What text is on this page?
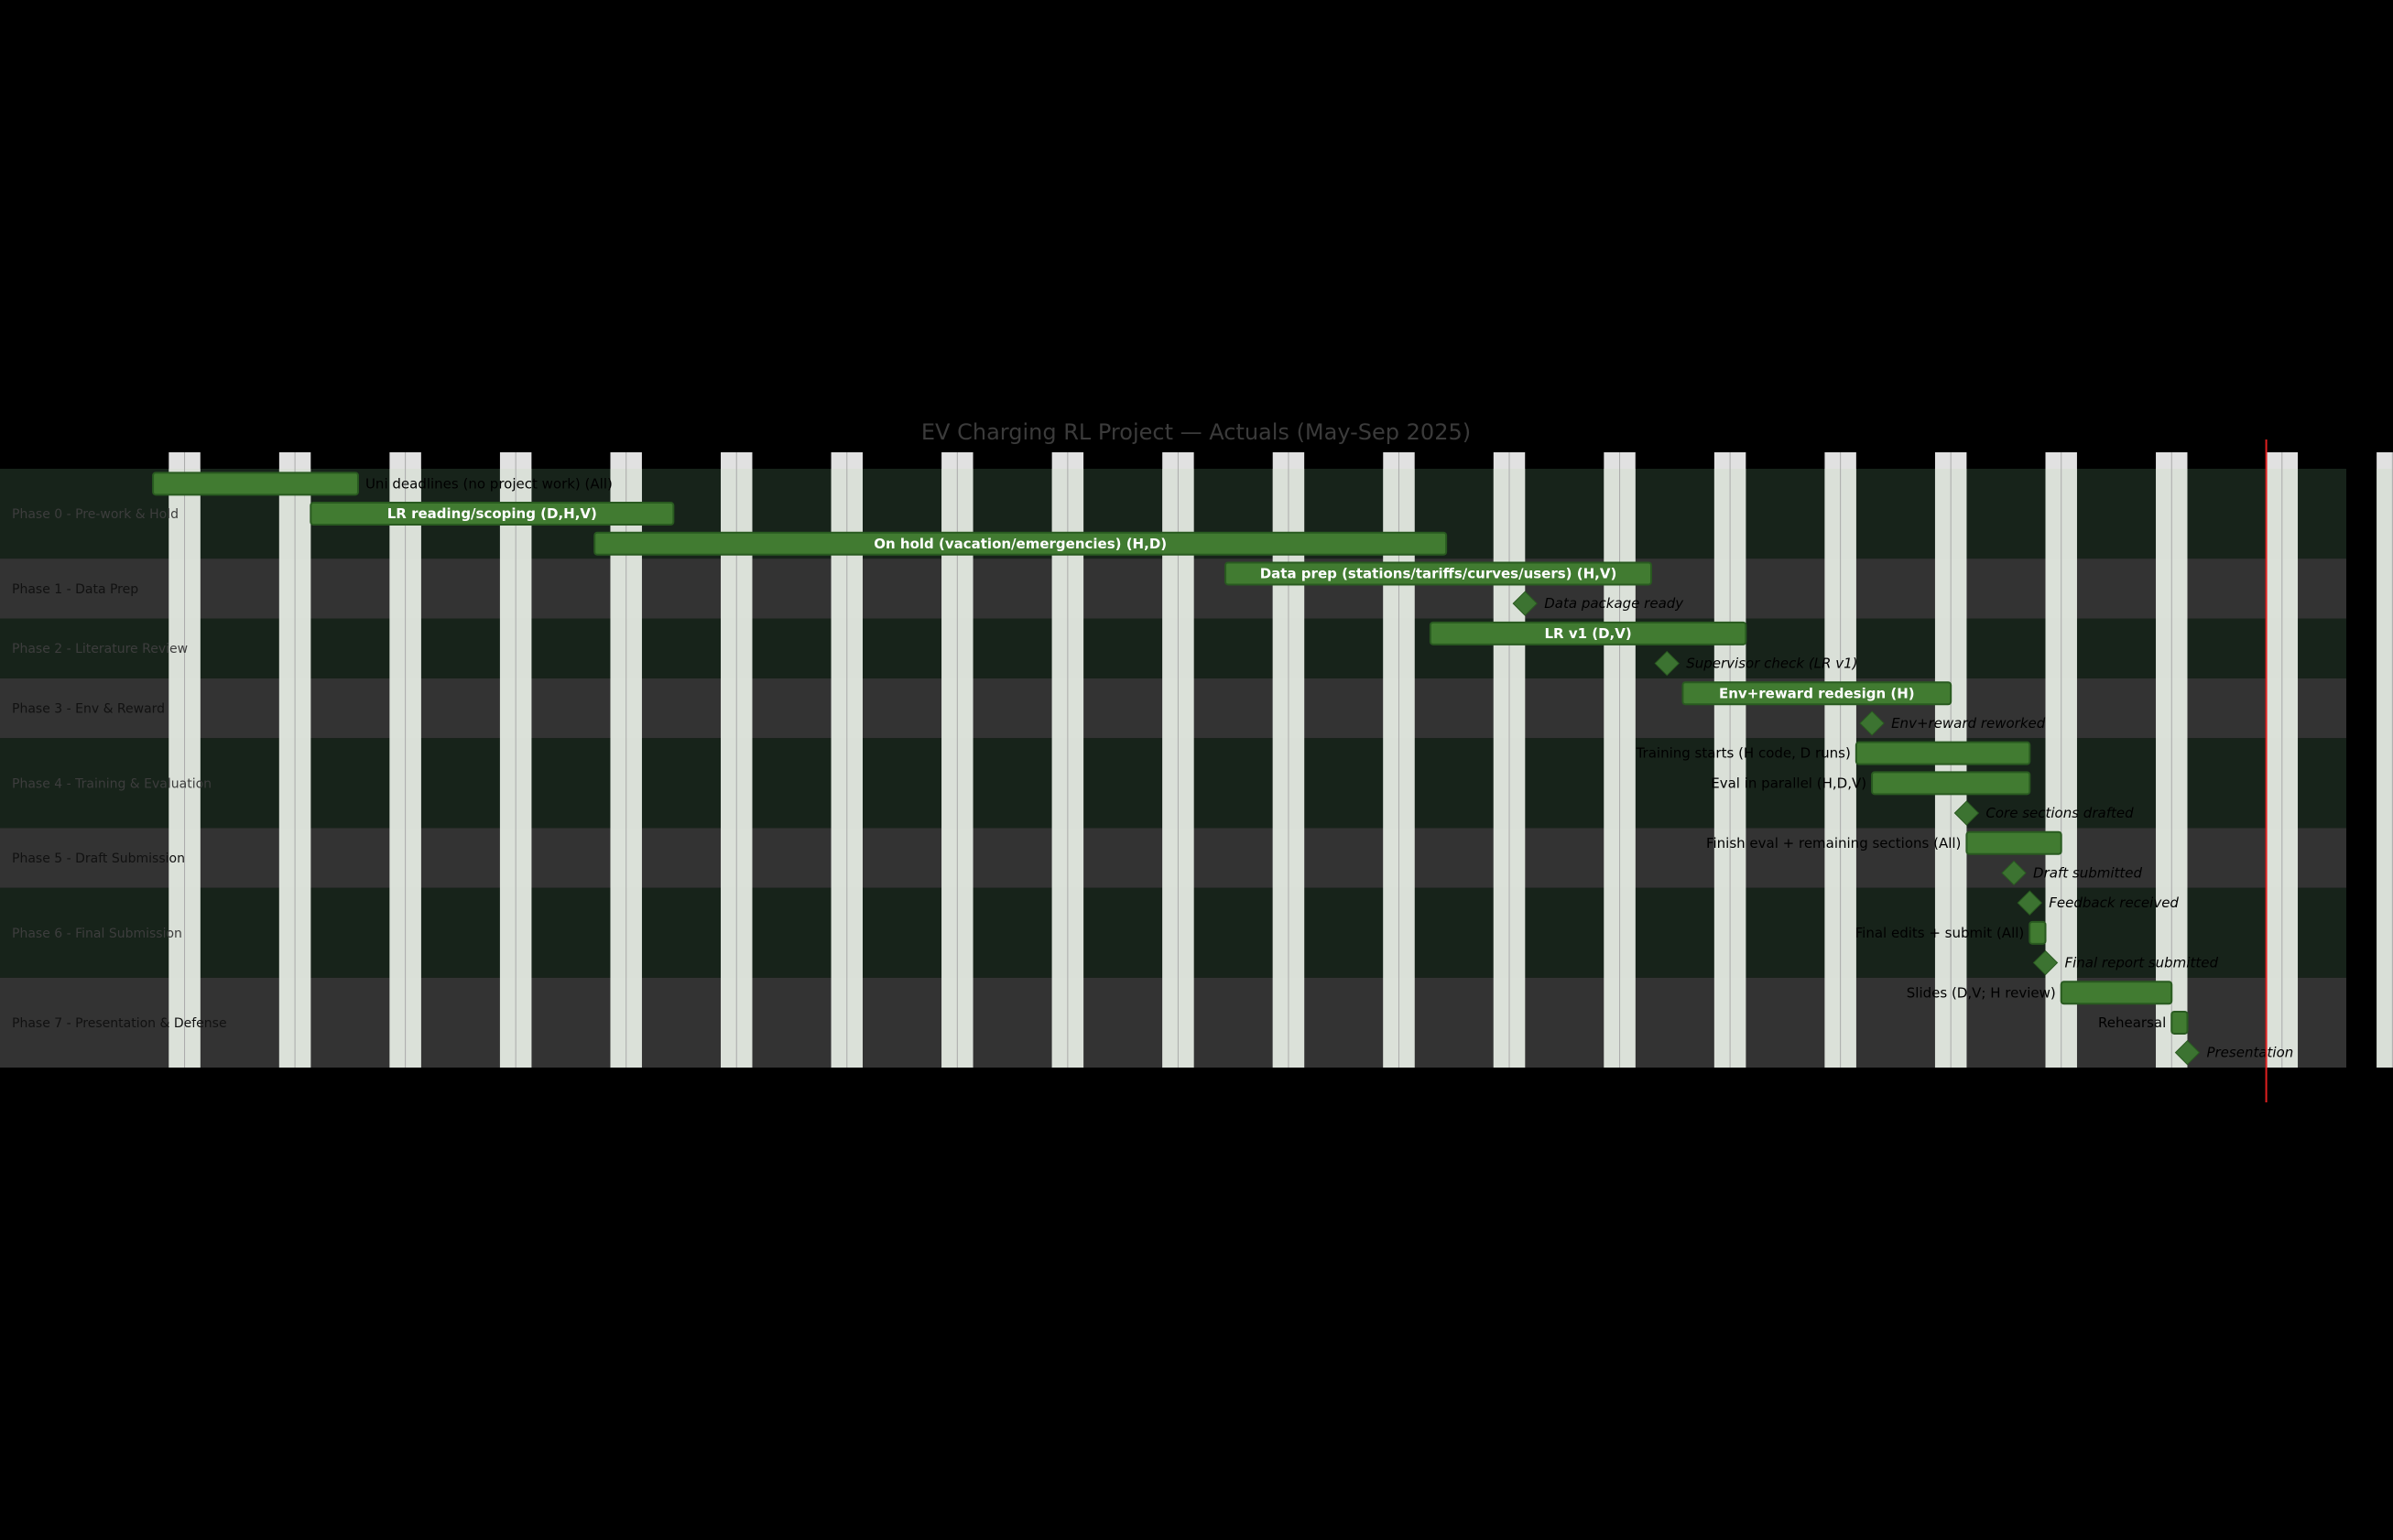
Phase 0 - Pre-work & Hold
Phase 1 - Data Prep
Phase 2 - Literature Review
Phase 3 - Env & Reward
Phase 4 - Training & Evaluation
Phase 5 - Draft Submission
Phase 6 - Final Submission
Phase 7 - Presentation & Defense
Uni deadlines (no project work) (All)
LR reading/scoping (D,H,V)
On hold (vacation/emergencies) (H,D)
Data prep (stations/tariffs/curves/users) (H,V)
Data package ready
LR v1 (D,V)
Supervisor check (LR v1)
Env+reward redesign (H)
Env+reward reworked
Training starts (H code, D runs)
Eval in parallel (H,D,V)
Core sections drafted
Finish eval + remaining sections (All)
Draft submitted
Feedback received
Final edits + submit (All)
Final report submitted
Slides (D,V; H review)
Rehearsal
Presentation
EV Charging RL Project — Actuals (May-Sep 2025)
